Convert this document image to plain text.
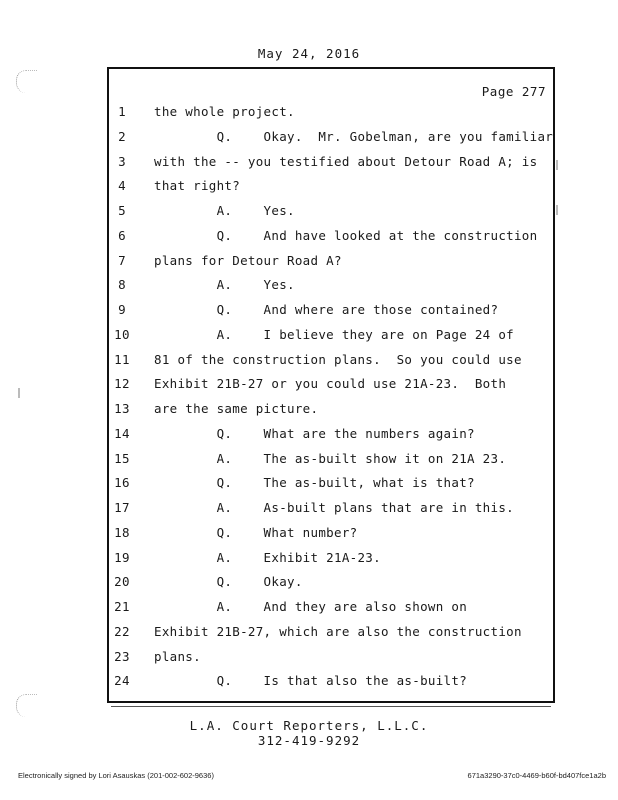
May 24, 2016
Page 277
1	the whole project.
2	Q.    Okay.  Mr. Gobelman, are you familiar
3	with the -- you testified about Detour Road A; is
4	that right?
5	A.    Yes.
6	Q.    And have looked at the construction
7	plans for Detour Road A?
8	A.    Yes.
9	Q.    And where are those contained?
10	A.    I believe they are on Page 24 of
11	81 of the construction plans.  So you could use
12	Exhibit 21B-27 or you could use 21A-23.  Both
13	are the same picture.
14	Q.    What are the numbers again?
15	A.    The as-built show it on 21A 23.
16	Q.    The as-built, what is that?
17	A.    As-built plans that are in this.
18	Q.    What number?
19	A.    Exhibit 21A-23.
20	Q.    Okay.
21	A.    And they are also shown on
22	Exhibit 21B-27, which are also the construction
23	plans.
24	Q.    Is that also the as-built?
L.A. Court Reporters, L.L.C.
312-419-9292
Electronically signed by Lori Asauskas (201-002-602-9636)	671a3290-37c0-4469-b60f-bd407fce1a2b
